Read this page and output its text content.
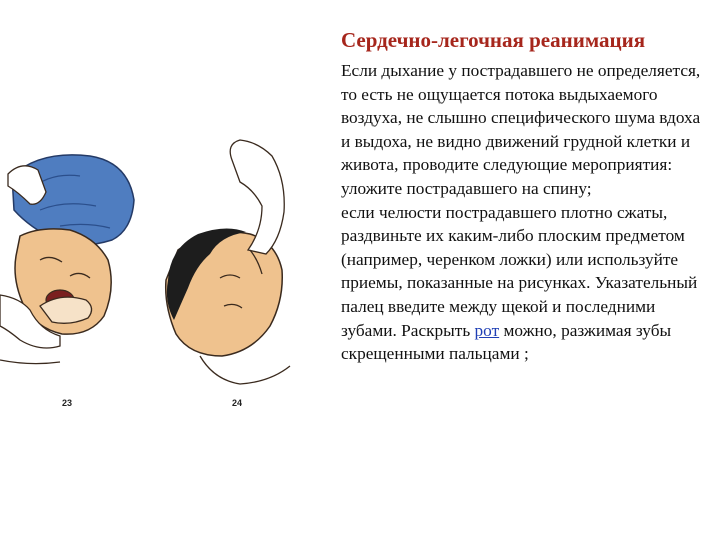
23	24
Сердечно-легочная реанимация

Если дыхание у пострадавшего не определяется, то есть не ощущается потока выдыхаемого воздуха, не слышно специфического шума вдоха и выдоха, не видно движений грудной клетки и живота, проводите следующие мероприятия:

уложите пострадавшего на спину;

если челюсти пострадавшего плотно сжаты, раздвиньте их каким-либо плоским предметом (например, черенком ложки) или используйте приемы, показанные на рисунках. Указательный палец введите между щекой и последними зубами. Раскрыть рот можно, разжимая зубы скрещенными пальцами ;
